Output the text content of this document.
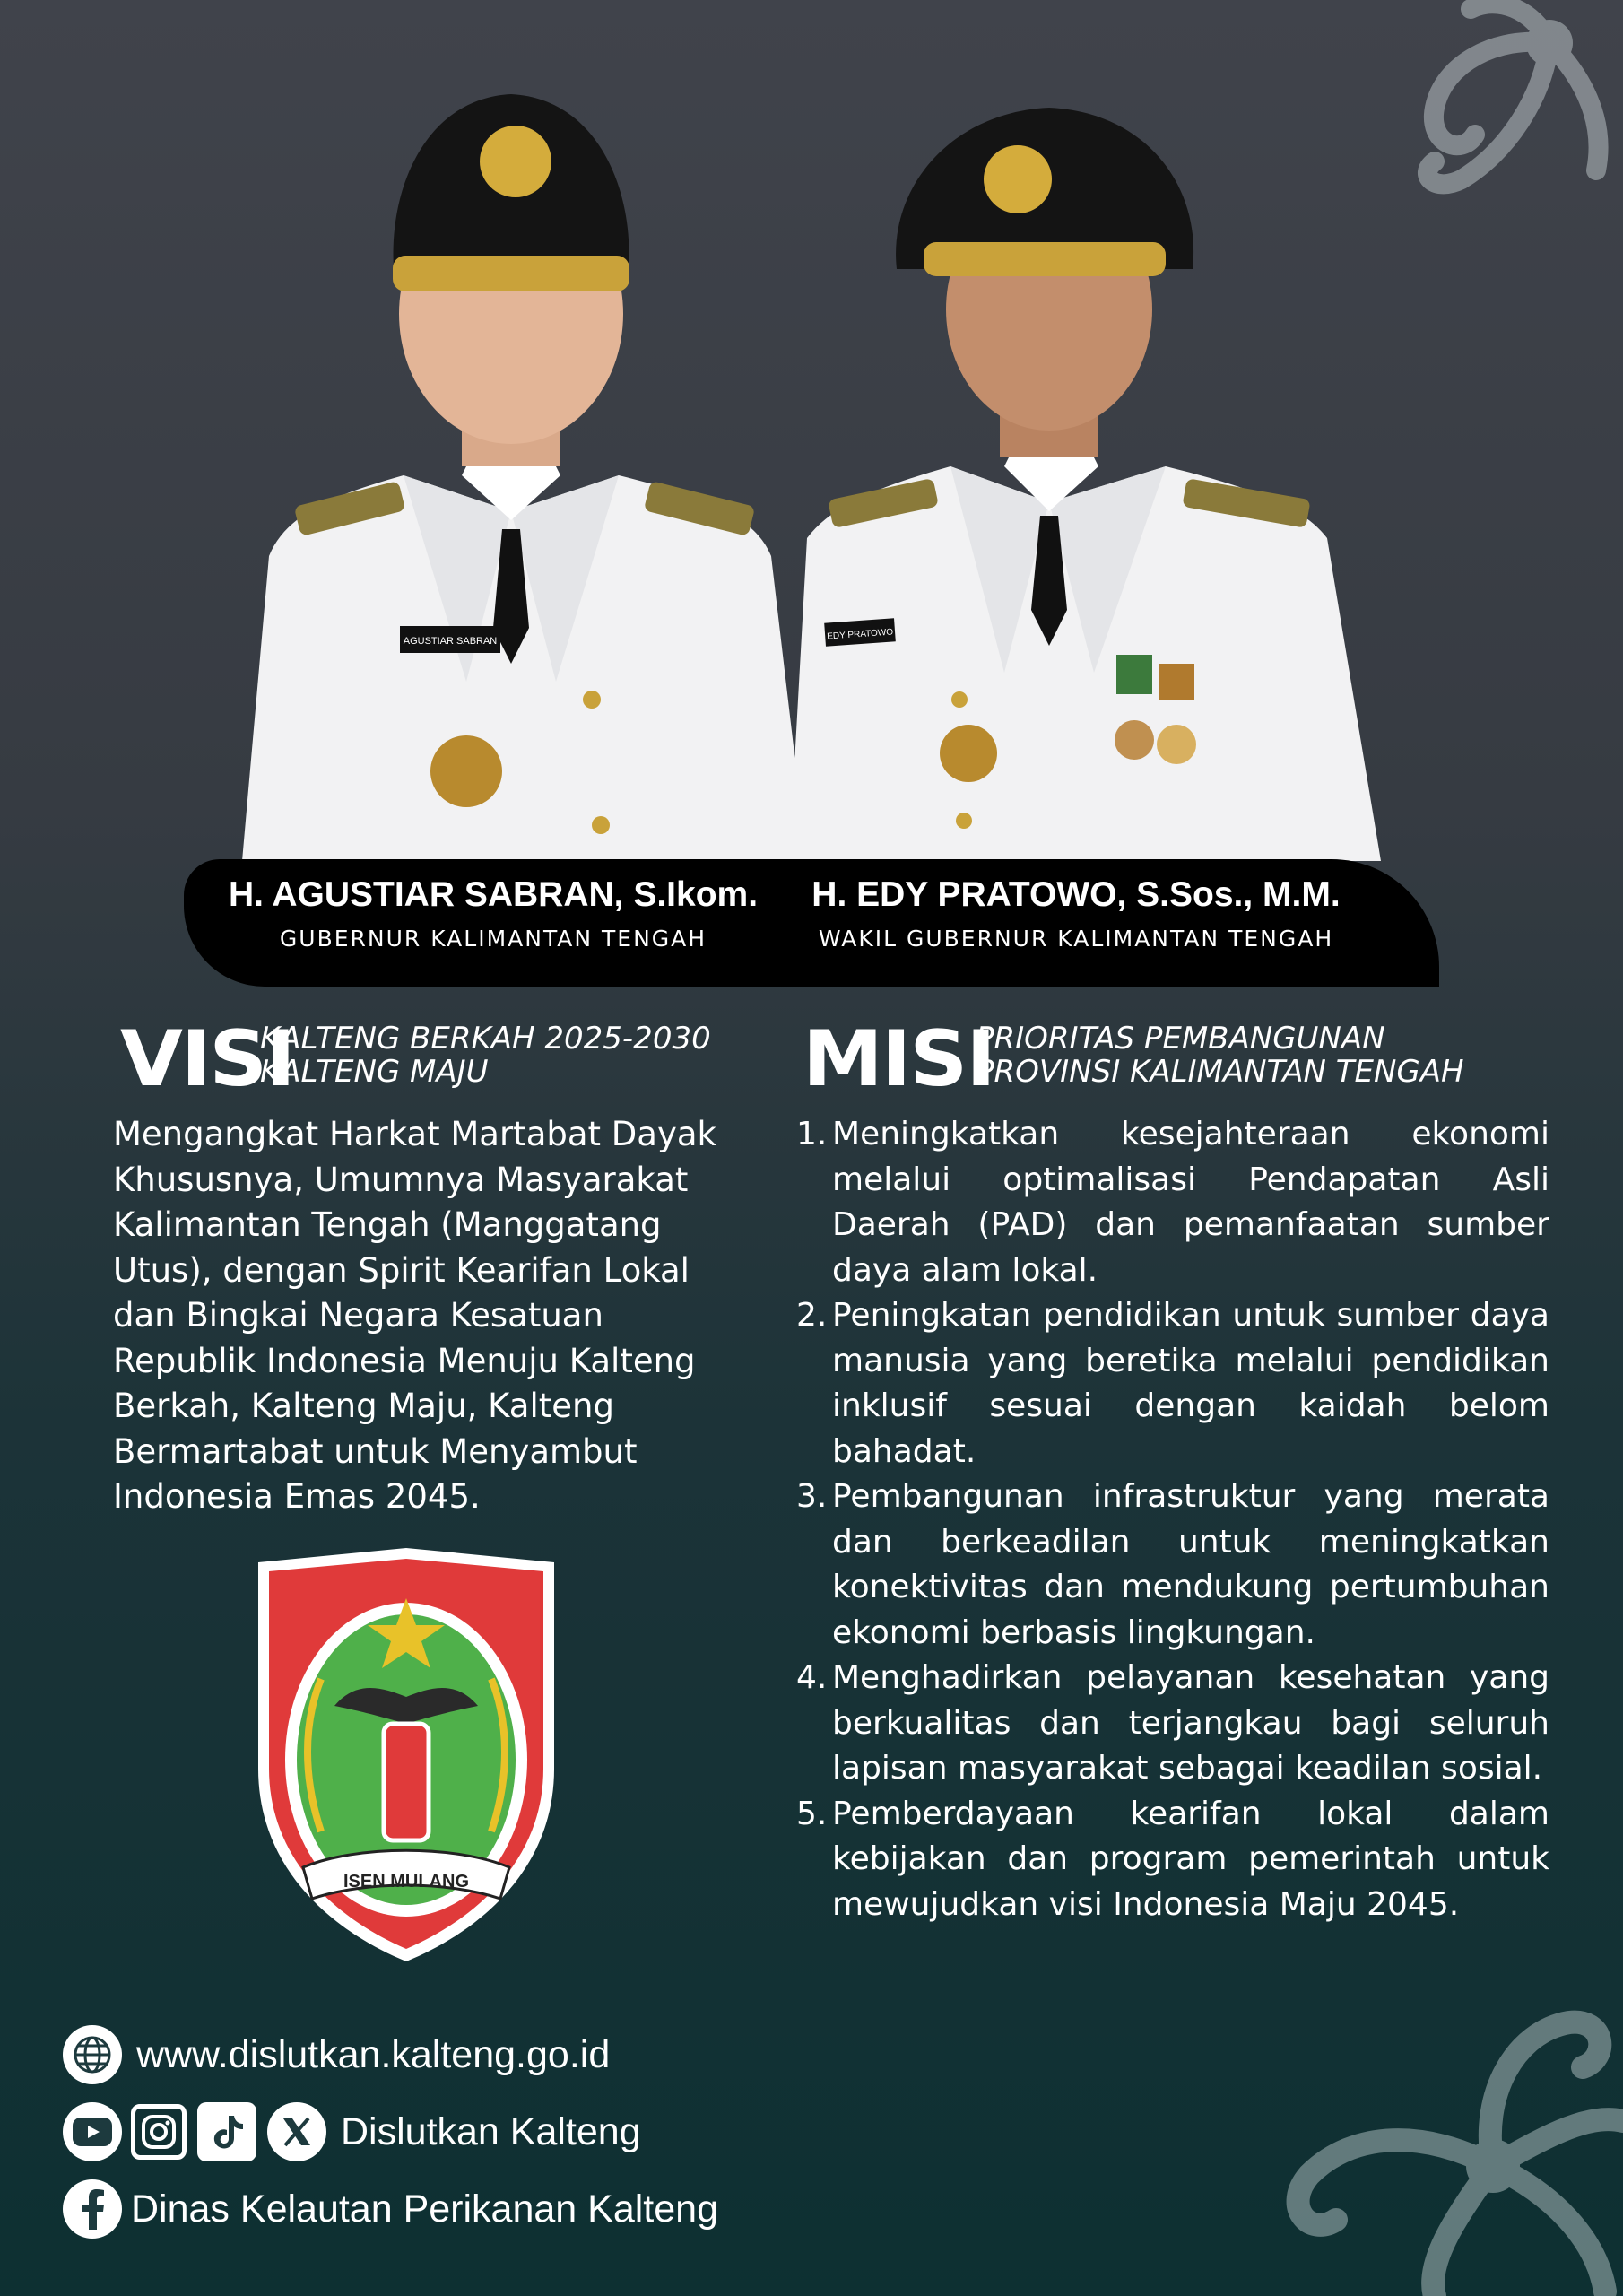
AGUSTIAR SABRAN	EDY PRATOWO
H. AGUSTIAR SABRAN, S.Ikom.
GUBERNUR KALIMANTAN TENGAH
H. EDY PRATOWO, S.Sos., M.M.
WAKIL GUBERNUR KALIMANTAN TENGAH
VISI
KALTENG BERKAH 2025-2030
KALTENG MAJU
Mengangkat Harkat Martabat Dayak Khususnya, Umumnya Masyarakat Kalimantan Tengah (Manggatang Utus), dengan Spirit Kearifan Lokal dan Bingkai Negara Kesatuan Republik Indonesia Menuju Kalteng Berkah, Kalteng Maju, Kalteng Bermartabat untuk Menyambut Indonesia Emas 2045.
MISI
PRIORITAS PEMBANGUNAN
PROVINSI KALIMANTAN TENGAH
1. Meningkatkan kesejahteraan ekonomi melalui optimalisasi Pendapatan Asli Daerah (PAD) dan pemanfaatan sumber daya alam lokal.
2. Peningkatan pendidikan untuk sumber daya manusia yang beretika melalui pendidikan inklusif sesuai dengan kaidah belom bahadat.
3. Pembangunan infrastruktur yang merata dan berkeadilan untuk meningkatkan konektivitas dan mendukung pertumbuhan ekonomi berbasis lingkungan.
4. Menghadirkan pelayanan kesehatan yang berkualitas dan terjangkau bagi seluruh lapisan masyarakat sebagai keadilan sosial.
5. Pemberdayaan kearifan lokal dalam kebijakan dan program pemerintah untuk mewujudkan visi Indonesia Maju 2045.
ISEN MULANG
www.dislutkan.kalteng.go.id
Dislutkan Kalteng
Dinas Kelautan Perikanan Kalteng
